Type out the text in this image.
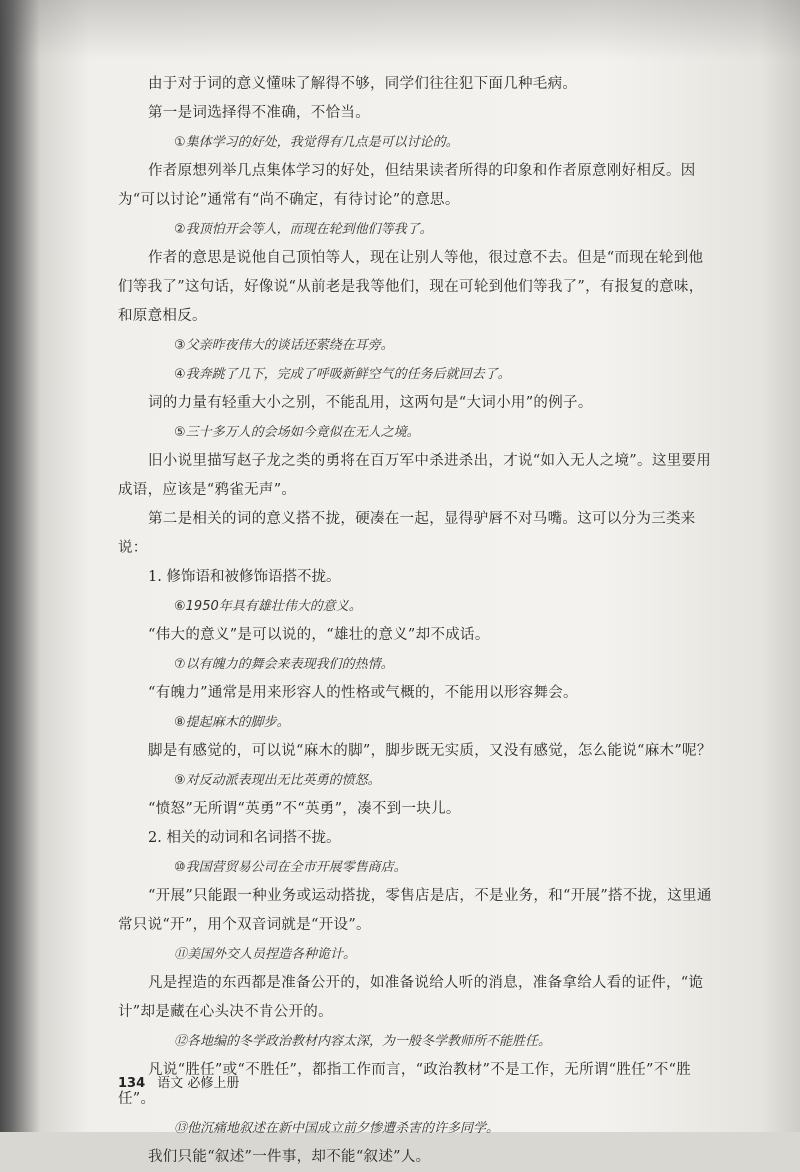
由于对于词的意义懂味了解得不够，同学们往往犯下面几种毛病。

第一是词选择得不准确，不恰当。

①集体学习的好处，我觉得有几点是可以讨论的。

作者原想列举几点集体学习的好处，但结果读者所得的印象和作者原意刚好相反。因为“可以讨论”通常有“尚不确定，有待讨论”的意思。

②我顶怕开会等人，而现在轮到他们等我了。

作者的意思是说他自己顶怕等人，现在让别人等他，很过意不去。但是“而现在轮到他们等我了”这句话，好像说“从前老是我等他们，现在可轮到他们等我了”，有报复的意味，和原意相反。

③父亲昨夜伟大的谈话还萦绕在耳旁。

④我奔跳了几下，完成了呼吸新鲜空气的任务后就回去了。

词的力量有轻重大小之别，不能乱用，这两句是“大词小用”的例子。

⑤三十多万人的会场如今竟似在无人之境。

旧小说里描写赵子龙之类的勇将在百万军中杀进杀出，才说“如入无人之境”。这里要用成语，应该是“鸦雀无声”。

第二是相关的词的意义搭不拢，硬凑在一起，显得驴唇不对马嘴。这可以分为三类来说：

1. 修饰语和被修饰语搭不拢。

⑥1950年具有雄壮伟大的意义。

“伟大的意义”是可以说的，“雄壮的意义”却不成话。

⑦以有魄力的舞会来表现我们的热情。

“有魄力”通常是用来形容人的性格或气概的，不能用以形容舞会。

⑧提起麻木的脚步。

脚是有感觉的，可以说“麻木的脚”，脚步既无实质，又没有感觉，怎么能说“麻木”呢？

⑨对反动派表现出无比英勇的愤怒。

“愤怒”无所谓“英勇”不“英勇”，凑不到一块儿。

2. 相关的动词和名词搭不拢。

⑩我国营贸易公司在全市开展零售商店。

“开展”只能跟一种业务或运动搭拢，零售店是店，不是业务，和“开展”搭不拢，这里通常只说“开”，用个双音词就是“开设”。

⑪美国外交人员捏造各种诡计。

凡是捏造的东西都是准备公开的，如准备说给人听的消息，准备拿给人看的证件，“诡计”却是藏在心头决不肯公开的。

⑫各地编的冬学政治教材内容太深，为一般冬学教师所不能胜任。

凡说“胜任”或“不胜任”，都指工作而言，“政治教材”不是工作，无所谓“胜任”不“胜任”。

⑬他沉痛地叙述在新中国成立前夕惨遭杀害的许多同学。

我们只能“叙述”一件事，却不能“叙述”人。

134 语文 必修上册
